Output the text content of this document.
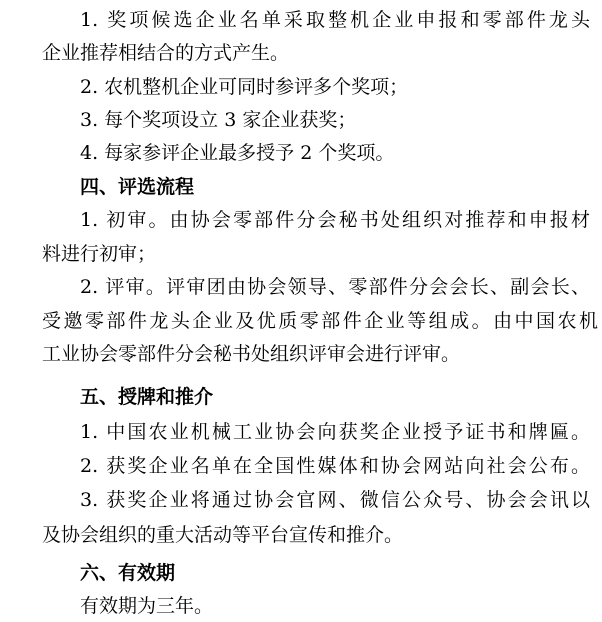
1. 奖项候选企业名单采取整机企业申报和零部件龙头
企业推荐相结合的方式产生。
2. 农机整机企业可同时参评多个奖项；
3. 每个奖项设立 3 家企业获奖；
4. 每家参评企业最多授予 2 个奖项。
四、评选流程
1. 初审。由协会零部件分会秘书处组织对推荐和申报材
料进行初审；
2. 评审。评审团由协会领导、零部件分会会长、副会长、
受邀零部件龙头企业及优质零部件企业等组成。由中国农机
工业协会零部件分会秘书处组织评审会进行评审。
五、授牌和推介
1. 中国农业机械工业协会向获奖企业授予证书和牌匾。
2. 获奖企业名单在全国性媒体和协会网站向社会公布。
3. 获奖企业将通过协会官网、微信公众号、协会会讯以
及协会组织的重大活动等平台宣传和推介。
六、有效期
有效期为三年。
